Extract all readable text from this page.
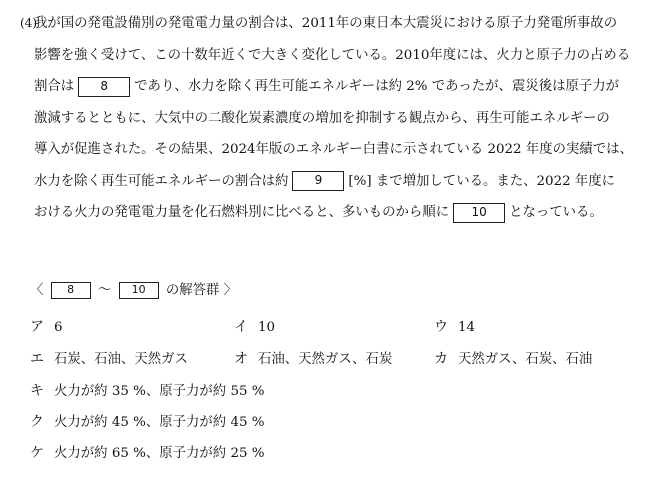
(4)我が国の発電設備別の発電電力量の割合は、2011年の東日本大震災における原子力発電所事故の
影響を強く受けて、この十数年近くで大きく変化している。2010年度には、火力と原子力の占める
割合は 8 であり、水力を除く再生可能エネルギーは約 2% であったが、震災後は原子力が
激減するとともに、大気中の二酸化炭素濃度の増加を抑制する観点から、再生可能エネルギーの
導入が促進された。その結果、2024年版のエネルギー白書に示されている 2022 年度の実績では、
水力を除く再生可能エネルギーの割合は約 9 [%] まで増加している。また、2022 年度に
おける火力の発電電力量を化石燃料別に比べると、多いものから順に 10 となっている。
〈 8 〜 10 の解答群 〉
ア 6	イ 10	ウ 14
エ 石炭、石油、天然ガス	オ 石油、天然ガス、石炭	カ 天然ガス、石炭、石油
キ 火力が約 35 %、原子力が約 55 %
ク 火力が約 45 %、原子力が約 45 %
ケ 火力が約 65 %、原子力が約 25 %
